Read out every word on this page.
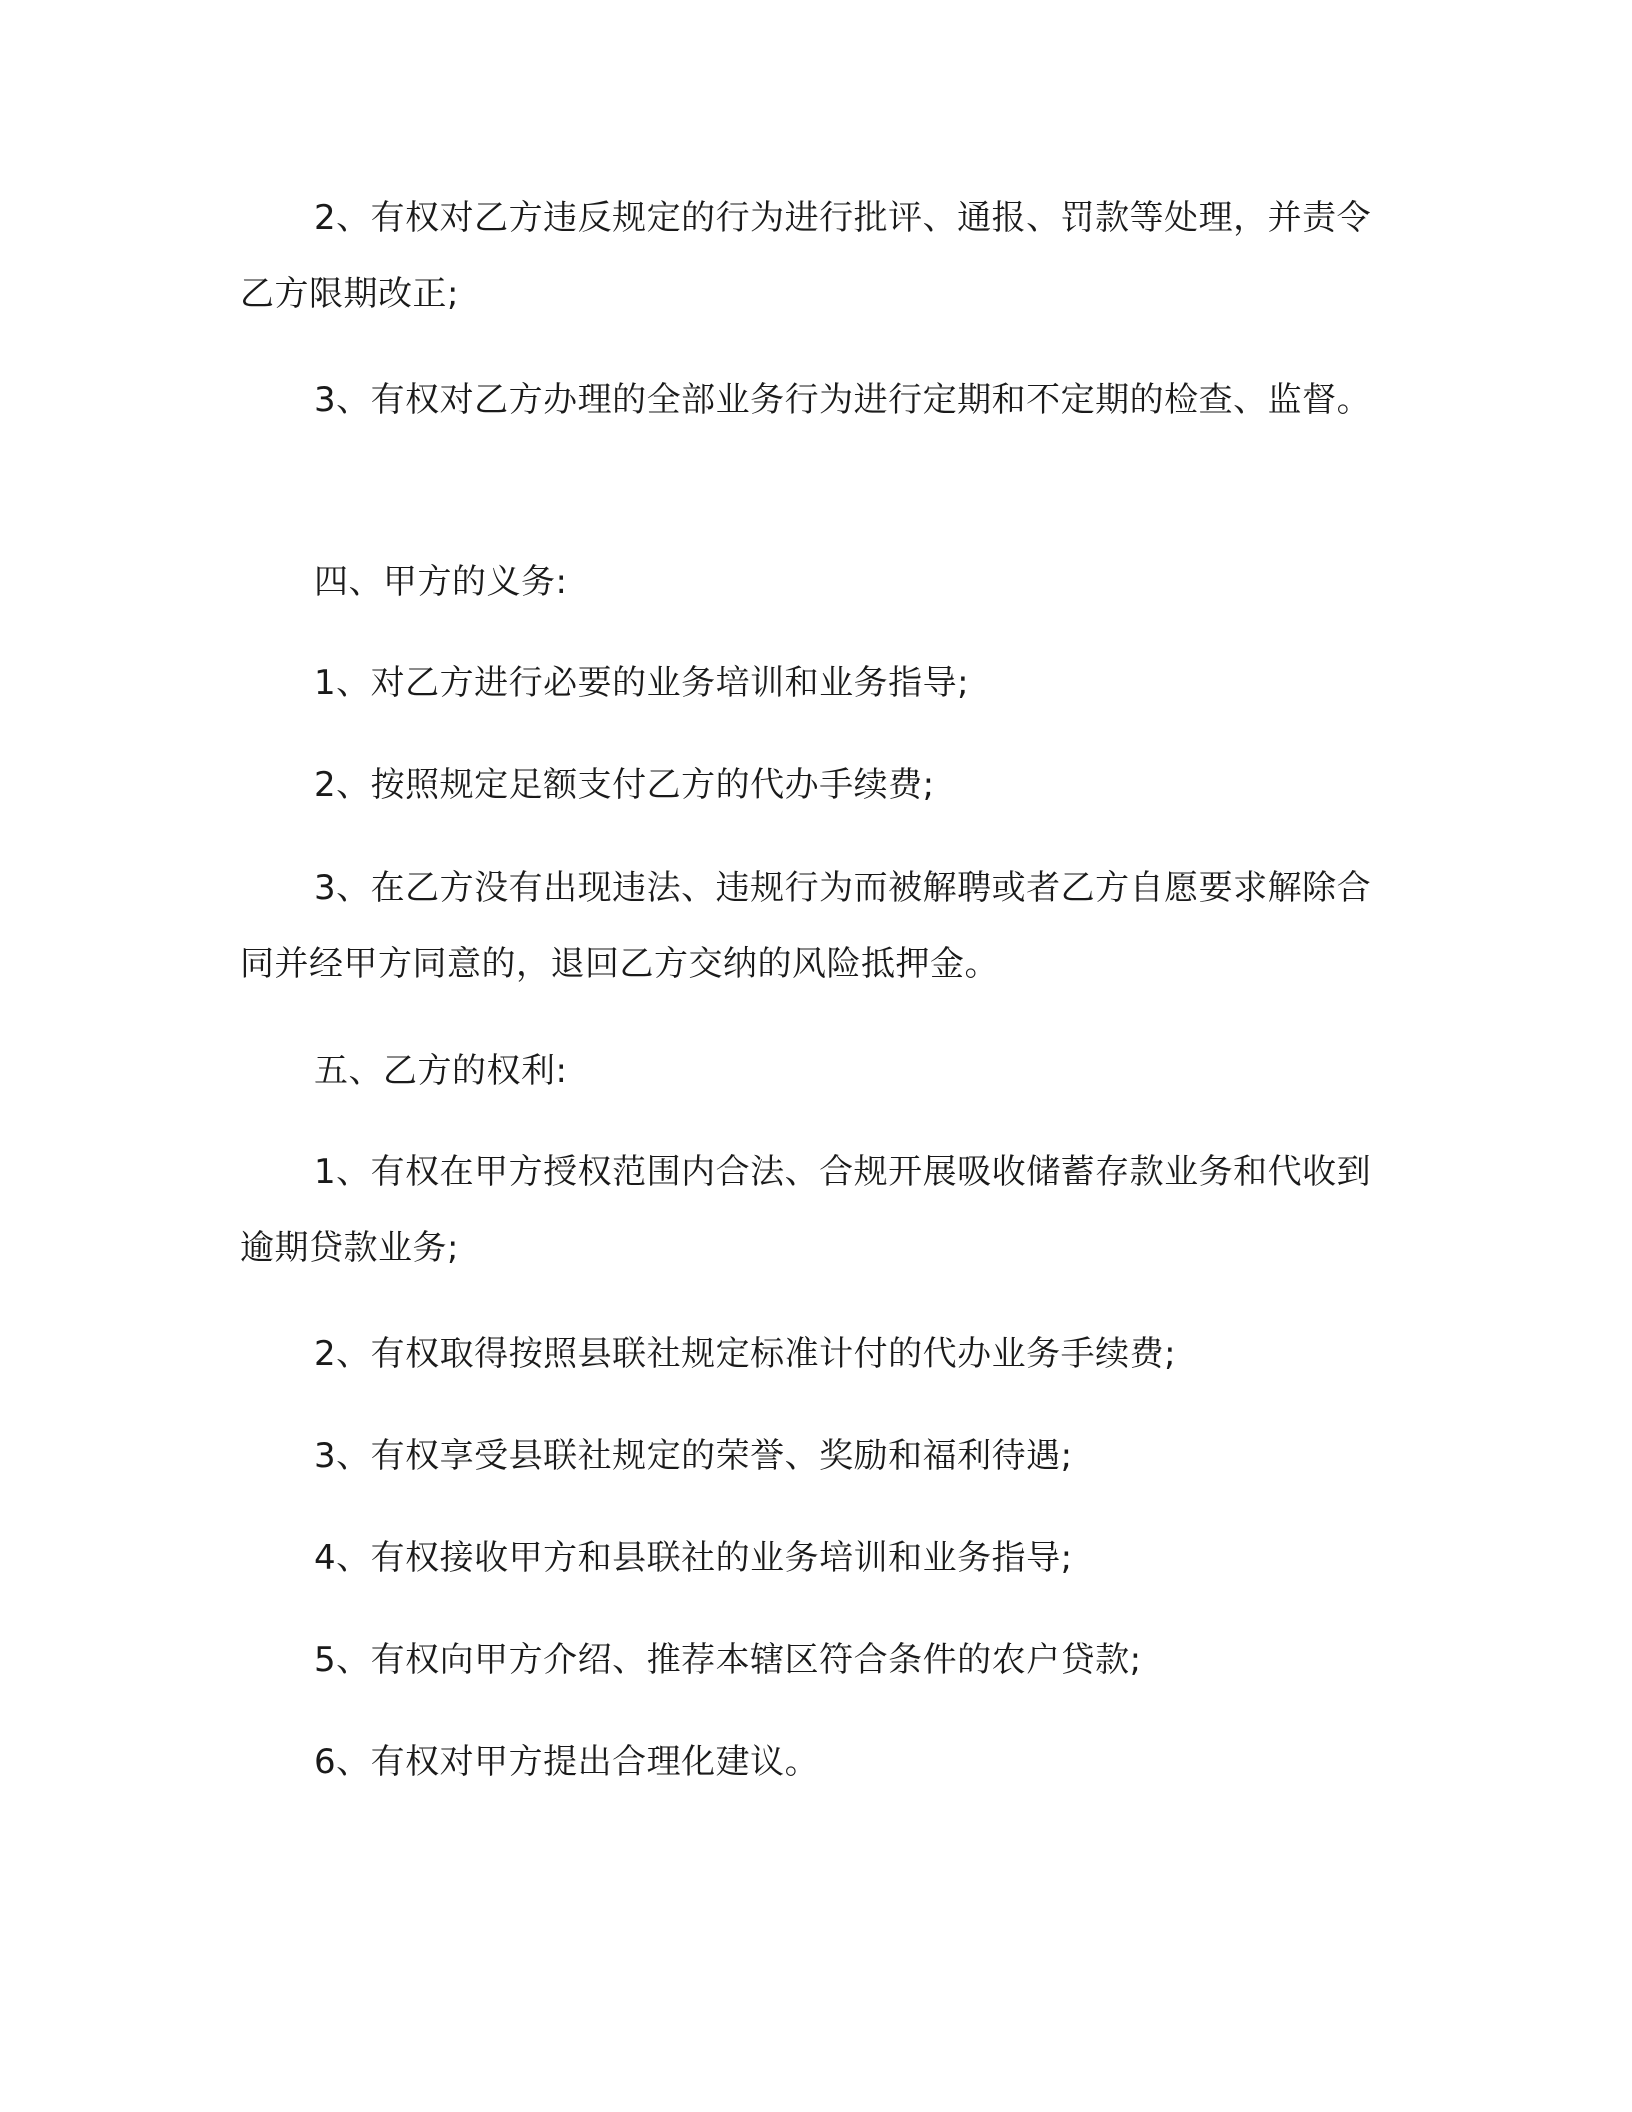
2、有权对乙方违反规定的行为进行批评、通报、罚款等处理，并责令乙方限期改正;

3、有权对乙方办理的全部业务行为进行定期和不定期的检查、监督。

四、甲方的义务:

1、对乙方进行必要的业务培训和业务指导;

2、按照规定足额支付乙方的代办手续费;

3、在乙方没有出现违法、违规行为而被解聘或者乙方自愿要求解除合同并经甲方同意的，退回乙方交纳的风险抵押金。

五、乙方的权利:

1、有权在甲方授权范围内合法、合规开展吸收储蓄存款业务和代收到逾期贷款业务;

2、有权取得按照县联社规定标准计付的代办业务手续费;

3、有权享受县联社规定的荣誉、奖励和福利待遇;

4、有权接收甲方和县联社的业务培训和业务指导;

5、有权向甲方介绍、推荐本辖区符合条件的农户贷款;

6、有权对甲方提出合理化建议。
